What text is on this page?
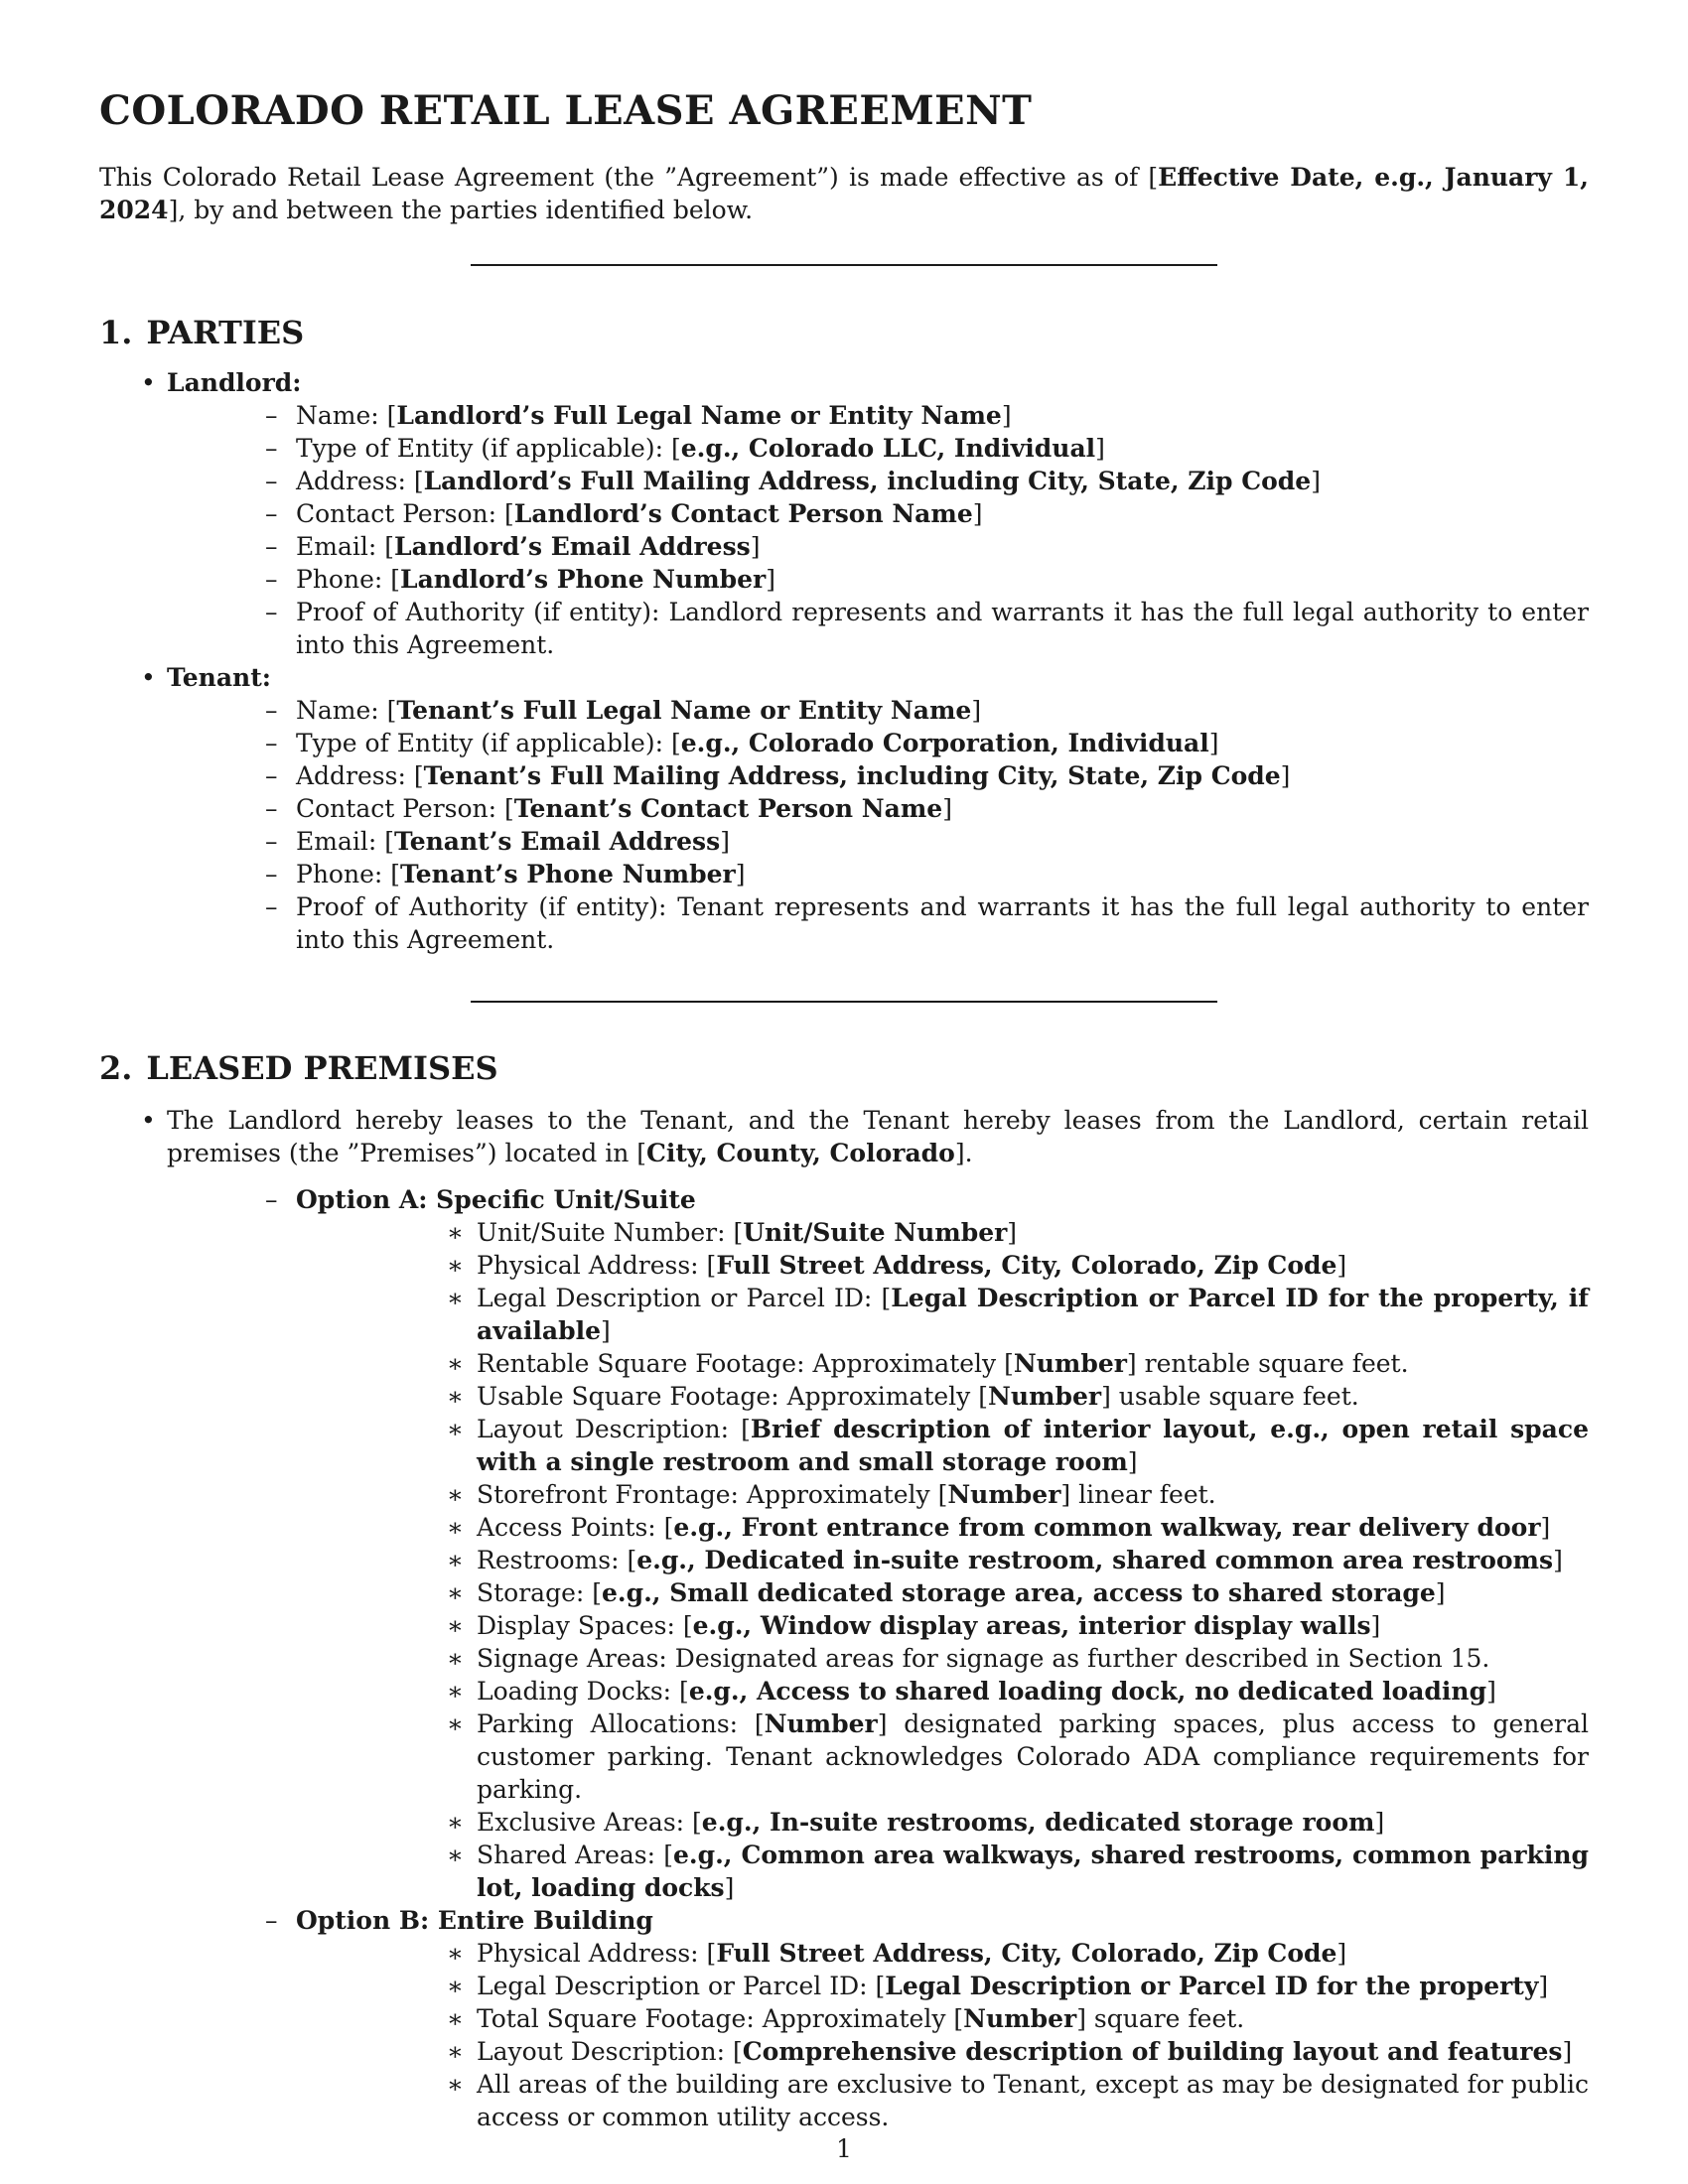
COLORADO RETAIL LEASE AGREEMENT

This Colorado Retail Lease Agreement (the ”Agreement”) is made effective as of [Effective Date, e.g., January 1, 2024], by and between the parties identified below.

1. PARTIES
• Landlord:
– Name: [Landlord’s Full Legal Name or Entity Name]
– Type of Entity (if applicable): [e.g., Colorado LLC, Individual]
– Address: [Landlord’s Full Mailing Address, including City, State, Zip Code]
– Contact Person: [Landlord’s Contact Person Name]
– Email: [Landlord’s Email Address]
– Phone: [Landlord’s Phone Number]
– Proof of Authority (if entity): Landlord represents and warrants it has the full legal authority to enter into this Agreement.
• Tenant:
– Name: [Tenant’s Full Legal Name or Entity Name]
– Type of Entity (if applicable): [e.g., Colorado Corporation, Individual]
– Address: [Tenant’s Full Mailing Address, including City, State, Zip Code]
– Contact Person: [Tenant’s Contact Person Name]
– Email: [Tenant’s Email Address]
– Phone: [Tenant’s Phone Number]
– Proof of Authority (if entity): Tenant represents and warrants it has the full legal authority to enter into this Agreement.
2. LEASED PREMISES
• The Landlord hereby leases to the Tenant, and the Tenant hereby leases from the Landlord, certain retail premises (the ”Premises”) located in [City, County, Colorado].
– Option A: Specific Unit/Suite
∗ Unit/Suite Number: [Unit/Suite Number]
∗ Physical Address: [Full Street Address, City, Colorado, Zip Code]
∗ Legal Description or Parcel ID: [Legal Description or Parcel ID for the property, if available]
∗ Rentable Square Footage: Approximately [Number] rentable square feet.
∗ Usable Square Footage: Approximately [Number] usable square feet.
∗ Layout Description: [Brief description of interior layout, e.g., open retail space with a single restroom and small storage room]
∗ Storefront Frontage: Approximately [Number] linear feet.
∗ Access Points: [e.g., Front entrance from common walkway, rear delivery door]
∗ Restrooms: [e.g., Dedicated in-suite restroom, shared common area restrooms]
∗ Storage: [e.g., Small dedicated storage area, access to shared storage]
∗ Display Spaces: [e.g., Window display areas, interior display walls]
∗ Signage Areas: Designated areas for signage as further described in Section 15.
∗ Loading Docks: [e.g., Access to shared loading dock, no dedicated loading]
∗ Parking Allocations: [Number] designated parking spaces, plus access to general customer parking. Tenant acknowledges Colorado ADA compliance requirements for parking.
∗ Exclusive Areas: [e.g., In-suite restrooms, dedicated storage room]
∗ Shared Areas: [e.g., Common area walkways, shared restrooms, common parking lot, loading docks]
– Option B: Entire Building
∗ Physical Address: [Full Street Address, City, Colorado, Zip Code]
∗ Legal Description or Parcel ID: [Legal Description or Parcel ID for the property]
∗ Total Square Footage: Approximately [Number] square feet.
∗ Layout Description: [Comprehensive description of building layout and features]
∗ All areas of the building are exclusive to Tenant, except as may be designated for public access or common utility access.
1
